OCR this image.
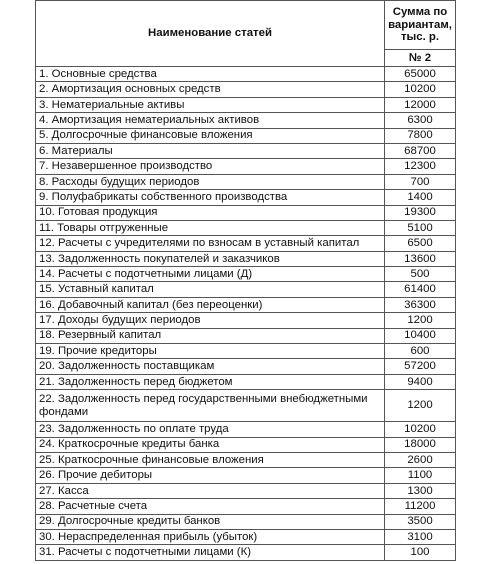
Наименование статей	Сумма по вариантам, тыс. р.
	№ 2
1. Основные средства	65000
2. Амортизация основных средств	10200
3. Нематериальные активы	12000
4. Амортизация нематериальных активов	6300
5. Долгосрочные финансовые вложения	7800
6. Материалы	68700
7. Незавершенное производство	12300
8. Расходы будущих периодов	700
9. Полуфабрикаты собственного производства	1400
10. Готовая продукция	19300
11. Товары отгруженные	5100
12. Расчеты с учредителями по взносам в уставный капитал	6500
13. Задолженность покупателей и заказчиков	13600
14. Расчеты с подотчетными лицами (Д)	500
15. Уставный капитал	61400
16. Добавочный капитал (без переоценки)	36300
17. Доходы будущих периодов	1200
18. Резервный капитал	10400
19. Прочие кредиторы	600
20. Задолженность поставщикам	57200
21. Задолженность перед бюджетом	9400
22. Задолженность перед государственными внебюджетными фондами	1200
23. Задолженность по оплате труда	10200
24. Краткосрочные кредиты банка	18000
25. Краткосрочные финансовые вложения	2600
26. Прочие дебиторы	1100
27. Касса	1300
28. Расчетные счета	11200
29. Долгосрочные кредиты банков	3500
30. Нераспределенная прибыль (убыток)	3100
31. Расчеты с подотчетными лицами (К)	100
